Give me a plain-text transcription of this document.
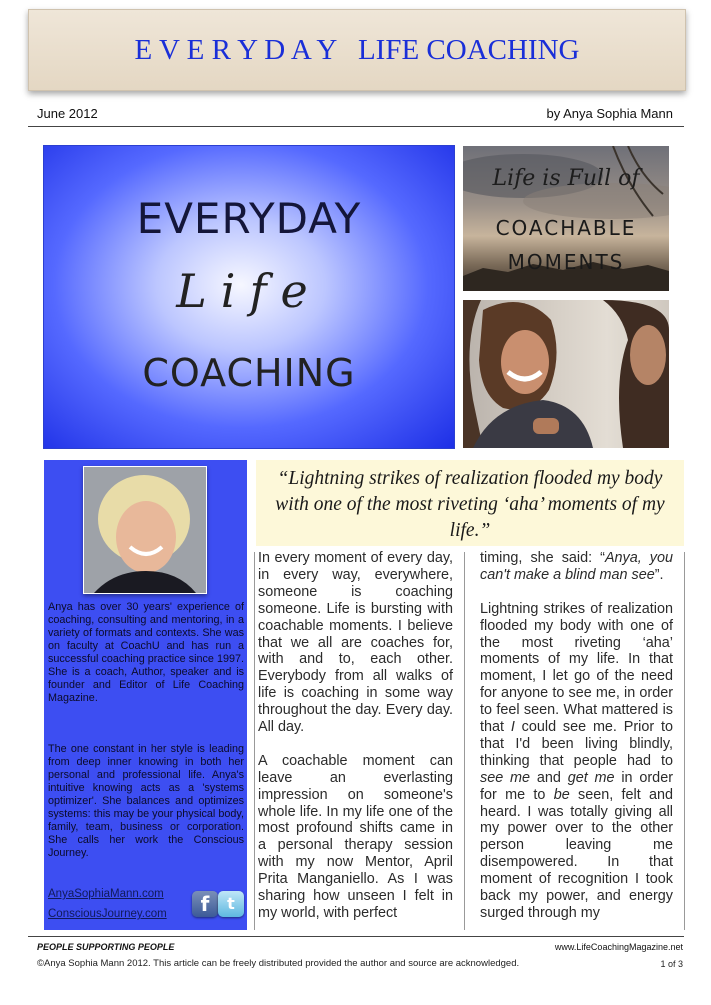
E V E R Y D A Y   LIFE COACHING
June 2012	by Anya Sophia Mann
EVERYDAY
Life
COACHING
Life is Full of
COACHABLE
MOMENTS
Anya has over 30 years' experience of coaching, consulting and mentoring, in a variety of formats and contexts. She was on faculty at CoachU and has run a successful coaching practice since 1997. She is a coach, Author, speaker and is founder and Editor of Life Coaching Magazine.
The one constant in her style is leading from deep inner knowing in both her personal and professional life. Anya's intuitive knowing acts as a 'systems optimizer'. She balances and optimizes systems: this may be your physical body, family, team, business or corporation. She calls her work the Conscious Journey.
AnyaSophiaMann.com
ConsciousJourney.com	f	t
“Lightning strikes of realization flooded my body with one of the most riveting ‘aha’ moments of my life.”

In every moment of every day, in every way, everywhere, someone is coaching someone. Life is bursting with coachable moments. I believe that we all are coaches for, with and to, each other. Everybody from all walks of life is coaching in some way throughout the day. Every day. All day.

A coachable moment can leave an everlasting impression on someone's whole life. In my life one of the most profound shifts came in a personal therapy session with my now Mentor, April Prita Manganiello. As I was sharing how unseen I felt in my world, with perfect

timing, she said: “Anya, you can't make a blind man see”.

Lightning strikes of realization flooded my body with one of the most riveting ‘aha’ moments of my life. In that moment, I let go of the need for anyone to see me, in order to feel seen. What mattered is that I could see me. Prior to that I'd been living blindly, thinking that people had to see me and get me in order for me to be seen, felt and heard. I was totally giving all my power over to the other person leaving me disempowered. In that moment of recognition I took back my power, and energy surged through my

PEOPLE SUPPORTING PEOPLE	www.LifeCoachingMagazine.net
©Anya Sophia Mann 2012. This article can be freely distributed provided the author and source are acknowledged.	1 of 3
